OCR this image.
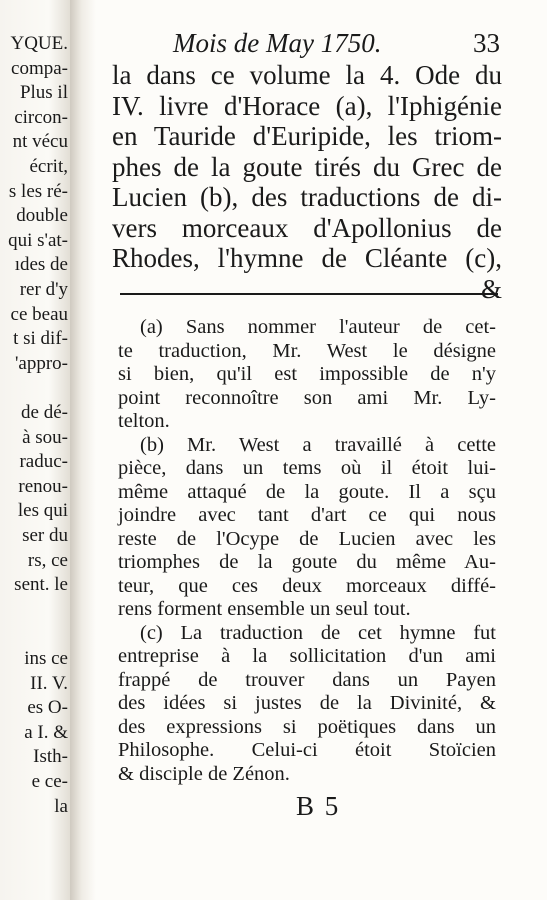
YQUE.
compa-
Plus il
circon-
nt vécu
écrit,
s les ré-
double
qui s'at-
ıdes de
rer d'y
ce beau
t si dif-
'appro-
de dé-
à sou-
raduc-
renou-
les qui
ser du
rs, ce
sent. le
ins ce
II. V.
es O-
a I. &
Isth-
e ce-
la
Mois de May 1750.	33
la dans ce volume la 4. Ode du
IV. livre d'Horace (a), l'Iphigénie
en Tauride d'Euripide, les triom-
phes de la goute tirés du Grec de
Lucien (b), des traductions de di-
vers morceaux d'Apollonius de
Rhodes, l'hymne de Cléante (c),
&
(a) Sans nommer l'auteur de cet-
te traduction, Mr. West le désigne
si bien, qu'il est impossible de n'y
point reconnoître son ami Mr. Ly-
telton.
(b) Mr. West a travaillé à cette
pièce, dans un tems où il étoit lui-
même attaqué de la goute. Il a sçu
joindre avec tant d'art ce qui nous
reste de l'Ocype de Lucien avec les
triomphes de la goute du même Au-
teur, que ces deux morceaux diffé-
rens forment ensemble un seul tout.
(c) La traduction de cet hymne fut
entreprise à la sollicitation d'un ami
frappé de trouver dans un Payen
des idées si justes de la Divinité, &
des expressions si poëtiques dans un
Philosophe. Celui-ci étoit Stoïcien
& disciple de Zénon.
B 5
